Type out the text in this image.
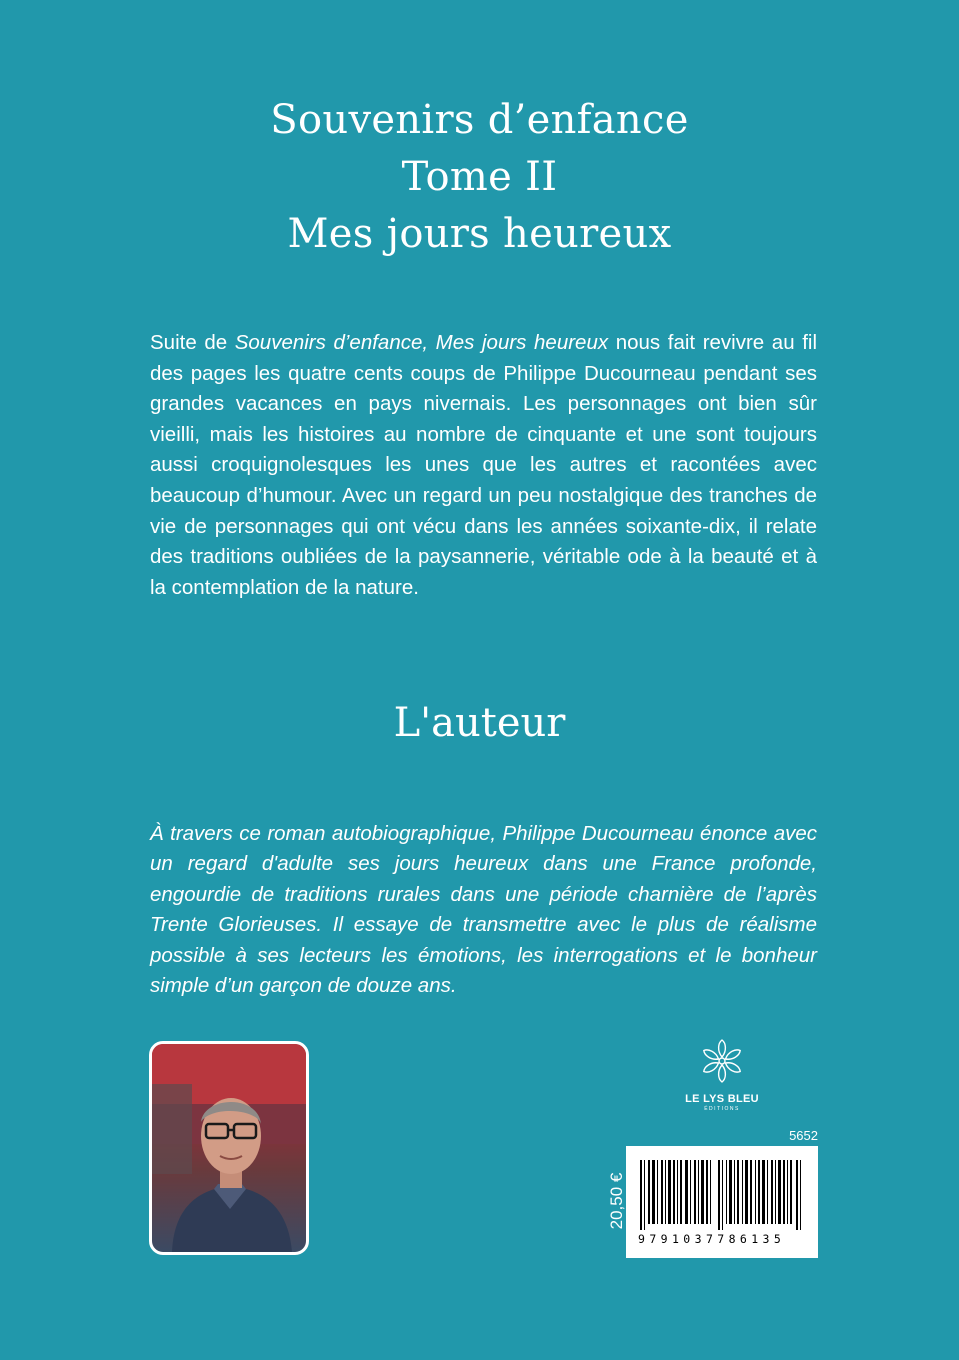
Souvenirs d’enfance
Tome II
Mes jours heureux
Suite de Souvenirs d’enfance, Mes jours heureux nous fait revivre au fil des pages les quatre cents coups de Philippe Ducourneau pendant ses grandes vacances en pays nivernais. Les personnages ont bien sûr vieilli, mais les histoires au nombre de cinquante et une sont toujours aussi croquignolesques les unes que les autres et racontées avec beaucoup d’humour. Avec un regard un peu nostalgique des tranches de vie de personnages qui ont vécu dans les années soixante-dix, il relate des traditions oubliées de la paysannerie, véritable ode à la beauté et à la contemplation de la nature.
L'auteur
À travers ce roman autobiographique, Philippe Ducourneau énonce avec un regard d'adulte ses jours heureux dans une France profonde, engourdie de traditions rurales dans une période charnière de l’après Trente Glorieuses. Il essaye de transmettre avec le plus de réalisme possible à ses lecteurs les émotions, les interrogations et le bonheur simple d’un garçon de douze ans.
LE LYS BLEU
ÉDITIONS
5652
20,50 €
9791037786135
